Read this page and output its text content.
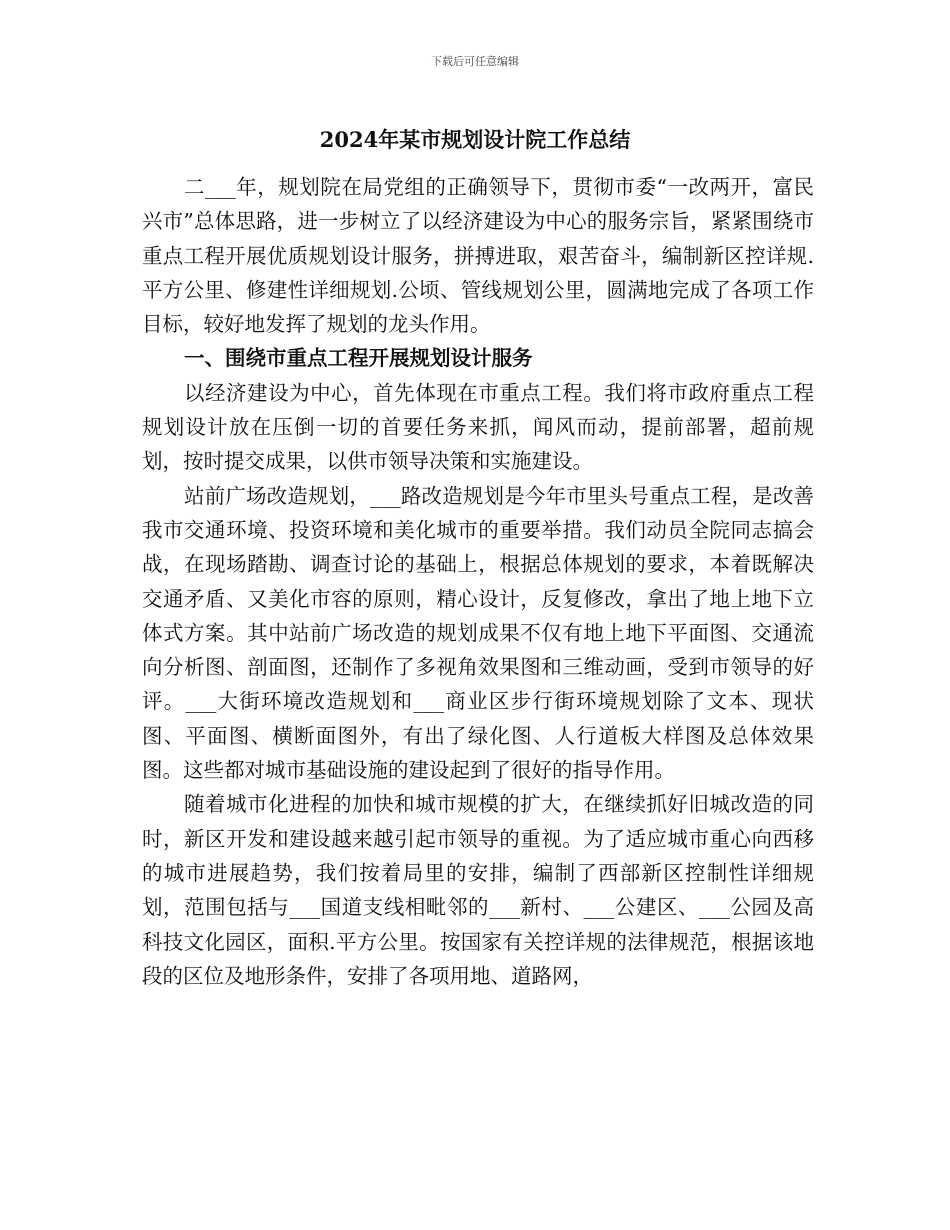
下载后可任意编辑
2024年某市规划设计院工作总结

二___年，规划院在局党组的正确领导下，贯彻市委“一改两开，富民兴市”总体思路，进一步树立了以经济建设为中心的服务宗旨，紧紧围绕市重点工程开展优质规划设计服务，拼搏进取，艰苦奋斗，编制新区控详规.平方公里、修建性详细规划.公顷、管线规划公里，圆满地完成了各项工作目标，较好地发挥了规划的龙头作用。

一、围绕市重点工程开展规划设计服务

以经济建设为中心，首先体现在市重点工程。我们将市政府重点工程规划设计放在压倒一切的首要任务来抓，闻风而动，提前部署，超前规划，按时提交成果，以供市领导决策和实施建设。

站前广场改造规划，___路改造规划是今年市里头号重点工程，是改善我市交通环境、投资环境和美化城市的重要举措。我们动员全院同志搞会战，在现场踏勘、调查讨论的基础上，根据总体规划的要求，本着既解决交通矛盾、又美化市容的原则，精心设计，反复修改，拿出了地上地下立体式方案。其中站前广场改造的规划成果不仅有地上地下平面图、交通流向分析图、剖面图，还制作了多视角效果图和三维动画，受到市领导的好评。___大街环境改造规划和___商业区步行街环境规划除了文本、现状图、平面图、横断面图外，有出了绿化图、人行道板大样图及总体效果图。这些都对城市基础设施的建设起到了很好的指导作用。

随着城市化进程的加快和城市规模的扩大，在继续抓好旧城改造的同时，新区开发和建设越来越引起市领导的重视。为了适应城市重心向西移的城市进展趋势，我们按着局里的安排，编制了西部新区控制性详细规划，范围包括与___国道支线相毗邻的___新村、___公建区、___公园及高科技文化园区，面积.平方公里。按国家有关控详规的法律规范，根据该地段的区位及地形条件，安排了各项用地、道路网，
